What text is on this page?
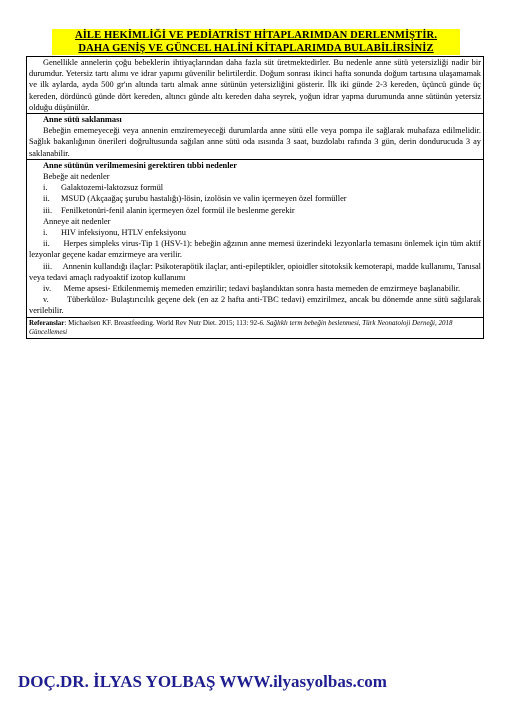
AİLE HEKİMLİĞİ VE PEDİATRİST HİTAPLARIMDAN DERLENMİŞTİR.
DAHA GENİŞ VE GÜNCEL HALİNİ KİTAPLARIMDA BULABİLİRSİNİZ
Genellikle annelerin çoğu bebeklerin ihtiyaçlarından daha fazla süt üretmektedirler. Bu nedenle anne sütü yetersizliği nadir bir durumdur. Yetersiz tartı alımı ve idrar yapımı güvenilir belirtilerdir. Doğum sonrası ikinci hafta sonunda doğum tartısına ulaşamamak ve ilk aylarda, ayda 500 gr'ın altında tartı almak anne sütünün yetersizliğini gösterir. İlk iki günde 2-3 kereden, üçüncü günde üç kereden, dördüncü günde dört kereden, altıncı günde altı kereden daha seyrek, yoğun idrar yapma durumunda anne sütünün yetersiz olduğu düşünülür.
Anne sütü saklanması
Bebeğin ememeyeceği veya annenin emziremeyeceği durumlarda anne sütü elle veya pompa ile sağlarak muhafaza edilmelidir. Sağlık bakanlığının önerileri doğrultusunda sağılan anne sütü oda ısısında 3 saat, buzdolabı rafında 3 gün, derin dondurucuda 3 ay saklanabilir.
Anne sütünün verilmemesini gerektiren tıbbi nedenler
Bebeğe ait nedenler
i.	Galaktozemi-laktozsuz formül
ii.	MSUD (Akçaağaç şurubu hastalığı)-lösin, izolösin ve valin içermeyen özel formüller
iii.	Fenilketonüri-fenil alanin içermeyen özel formül ile beslenme gerekir
Anneye ait nedenler
i.	HIV infeksiyonu, HTLV enfeksiyonu
ii. Herpes simpleks virus-Tip 1 (HSV-1): bebeğin ağzının anne memesi üzerindeki lezyonlarla temasını önlemek için tüm aktif lezyonlar geçene kadar emzirmeye ara verilir.
iii. Annenin kullandığı ilaçlar: Psikoterapötik ilaçlar, anti-epileptikler, opioidler sitotoksik kemoterapi, madde kullanımı, Tanısal veya tedavi amaçlı radyoaktif izotop kullanımı
iv. Meme apsesi- Etkilenmemiş memeden emzirilir; tedavi başlandıktan sonra hasta memeden de emzirmeye başlanabilir.
v. Tüberküloz- Bulaştırıcılık geçene dek (en az 2 hafta anti-TBC tedavi) emzirilmez, ancak bu dönemde anne sütü sağılarak verilebilir.
Referanslar: Michaelsen KF. Breastfeeding. World Rev Nutr Diet. 2015; 113: 92-6. Sağlıklı term bebeğin beslenmesi, Türk Neonatoloji Derneği, 2018 Güncellemesi
DOÇ.DR. İLYAS YOLBAŞ WWW.ilyasyolbas.com
